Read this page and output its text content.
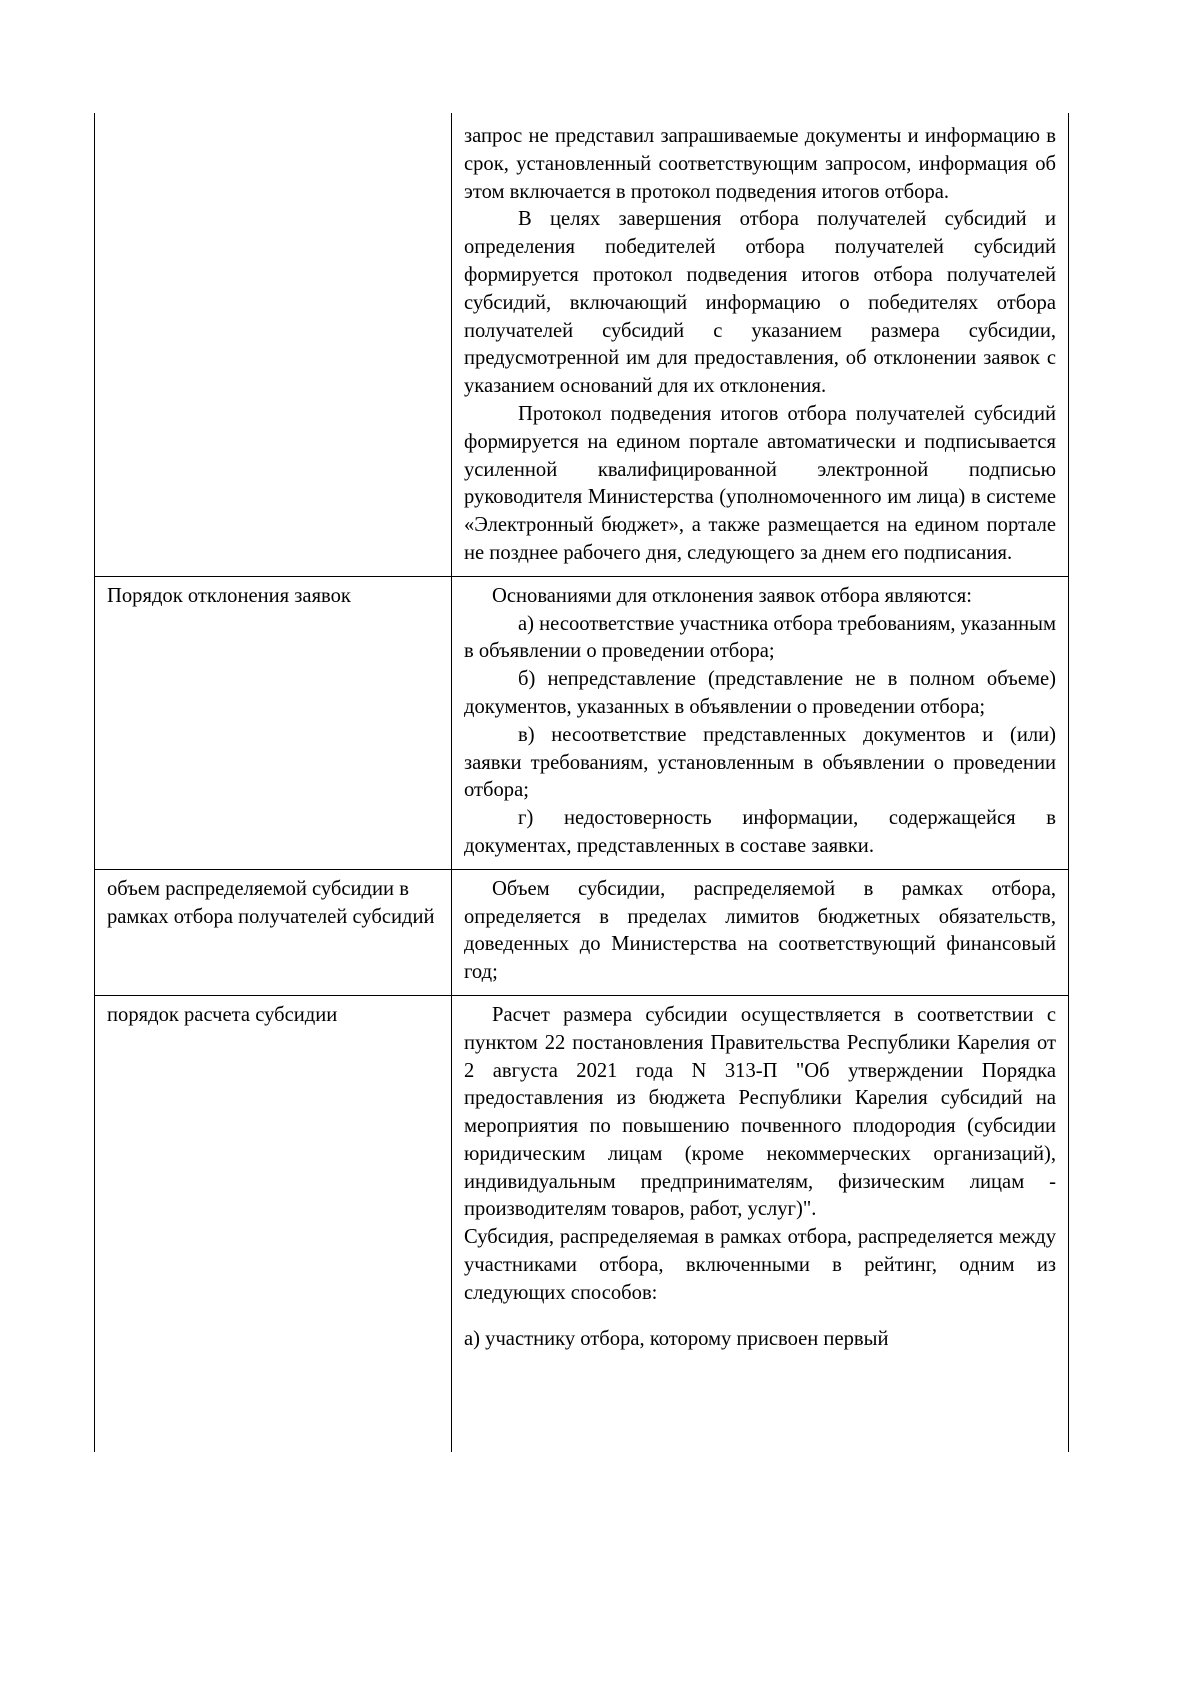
	запрос не представил запрашиваемые документы и информацию в срок, установленный соответствующим запросом, информация об этом включается в протокол подведения итогов отбора.

В целях завершения отбора получателей субсидий и определения победителей отбора получателей субсидий формируется протокол подведения итогов отбора получателей субсидий, включающий информацию о победителях отбора получателей субсидий с указанием размера субсидии, предусмотренной им для предоставления, об отклонении заявок с указанием оснований для их отклонения.

Протокол подведения итогов отбора получателей субсидий формируется на едином портале автоматически и подписывается усиленной квалифицированной электронной подписью руководителя Министерства (уполномоченного им лица) в системе «Электронный бюджет», а также размещается на едином портале не позднее рабочего дня, следующего за днем его подписания.

Порядок отклонения заявок	Основаниями для отклонения заявок отбора являются:

а) несоответствие участника отбора требованиям, указанным в объявлении о проведении отбора;

б) непредставление (представление не в полном объеме) документов, указанных в объявлении о проведении отбора;

в) несоответствие представленных документов и (или) заявки требованиям, установленным в объявлении о проведении отбора;

г) недостоверность информации, содержащейся в документах, представленных в составе заявки.

объем распределяемой субсидии в рамках отбора получателей субсидий	Объем субсидии, распределяемой в рамках отбора, определяется в пределах лимитов бюджетных обязательств, доведенных до Министерства на соответствующий финансовый год;

порядок расчета субсидии	Расчет размера субсидии осуществляется в соответствии с пунктом 22 постановления Правительства Республики Карелия от 2 августа 2021 года N 313-П "Об утверждении Порядка предоставления из бюджета Республики Карелия субсидий на мероприятия по повышению почвенного плодородия (субсидии юридическим лицам (кроме некоммерческих организаций), индивидуальным предпринимателям, физическим лицам - производителям товаров, работ, услуг)".

Субсидия, распределяемая в рамках отбора, распределяется между участниками отбора, включенными в рейтинг, одним из следующих способов:

а) участнику отбора, которому присвоен первый
